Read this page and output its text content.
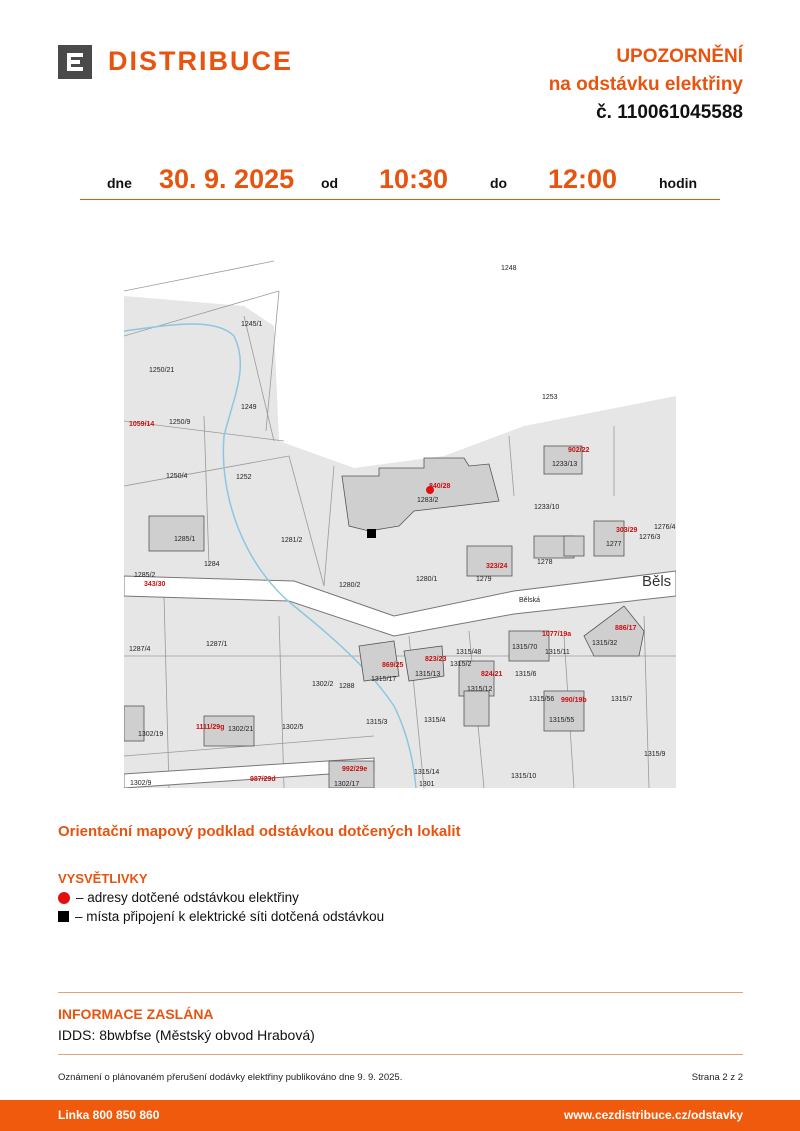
DISTRIBUCE	UPOZORNĚNÍ
na odstávku elektřiny
č. 110061045588
dne 30. 9. 2025 od 10:30	do 12:00	hodin
1248
1245/1
1250/21
1249
1253
1059/14 1250/9
902/22
1233/13
1250/4	1252
840/28
1283/2
1233/10
1276/4
303/29
1276/3
1277
1285/1	1281/2
323/24
1278
1285/2
343/30
1284
1280/2
1280/1	1279
Bělská
Běls
1077/19a
886/17
1287/4
1287/1	1315/70
1315/11
1315/32
869/25
823/23
1315/48
1315/2
1315/6
1315/17
1315/13	824/21
1302/2 1288	1315/12
1315/56 990/19b	1315/7
1111/29g 1302/21	1302/5
1302/19
1315/3	1315/4	1315/55
1315/9
992/29e
987/29d
1315/14
1315/10
1302/9	1302/17	1301
Orientační mapový podklad odstávkou dotčených lokalit
VYSVĚTLIVKY
– adresy dotčené odstávkou elektřiny
– místa připojení k elektrické síti dotčená odstávkou
INFORMACE ZASLÁNA
IDDS: 8bwbfse (Městský obvod Hrabová)
Oznámení o plánovaném přerušení dodávky elektřiny publikováno dne 9. 9. 2025.	Strana 2 z 2
Linka 800 850 860	www.cezdistribuce.cz/odstavky
